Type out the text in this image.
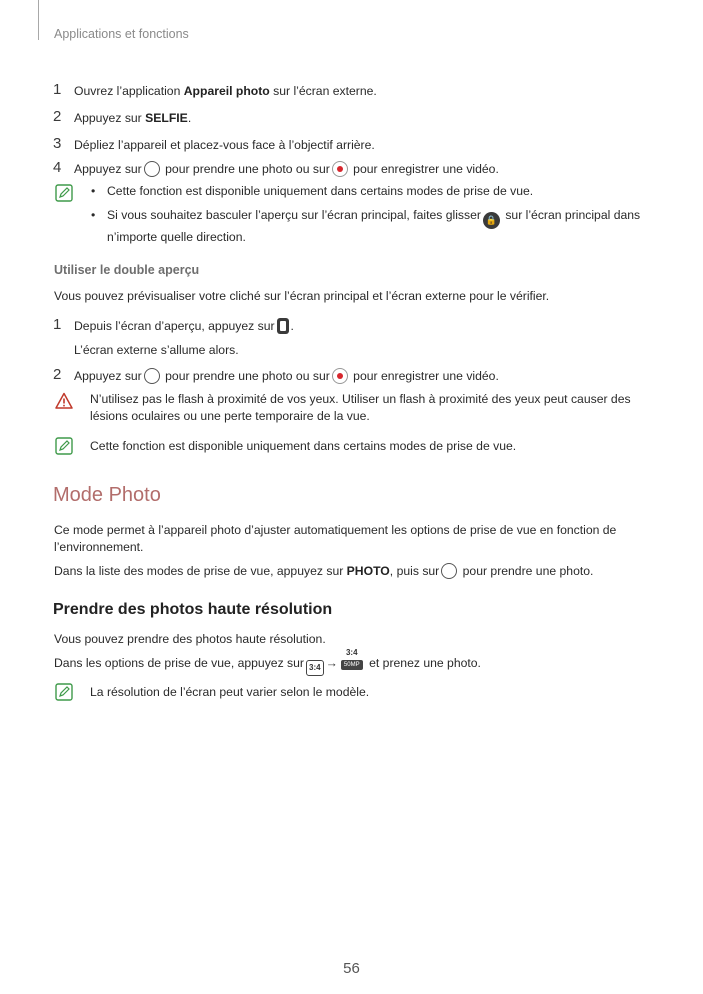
Applications et fonctions
1 Ouvrez l’application Appareil photo sur l’écran externe.
2 Appuyez sur SELFIE.
3 Dépliez l’appareil et placez-vous face à l’objectif arrière.
4 Appuyez sur pour prendre une photo ou sur pour enregistrer une vidéo.
• Cette fonction est disponible uniquement dans certains modes de prise de vue.
• Si vous souhaitez basculer l’aperçu sur l’écran principal, faites glisser 🔒 sur l’écran principal dans
n’importe quelle direction.
Utiliser le double aperçu
Vous pouvez prévisualiser votre cliché sur l’écran principal et l’écran externe pour le vérifier.
1 Depuis l’écran d’aperçu, appuyez sur .
L’écran externe s’allume alors.
2 Appuyez sur pour prendre une photo ou sur pour enregistrer une vidéo.
N’utilisez pas le flash à proximité de vos yeux. Utiliser un flash à proximité des yeux peut causer des lésions oculaires ou une perte temporaire de la vue.
Cette fonction est disponible uniquement dans certains modes de prise de vue.
Mode Photo
Ce mode permet à l’appareil photo d’ajuster automatiquement les options de prise de vue en fonction de l’environnement.
Dans la liste des modes de prise de vue, appuyez sur PHOTO, puis sur pour prendre une photo.
Prendre des photos haute résolution
Vous pouvez prendre des photos haute résolution.
Dans les options de prise de vue, appuyez sur 3:4 →
3:4
50MP et prenez une photo.
La résolution de l’écran peut varier selon le modèle.
56
